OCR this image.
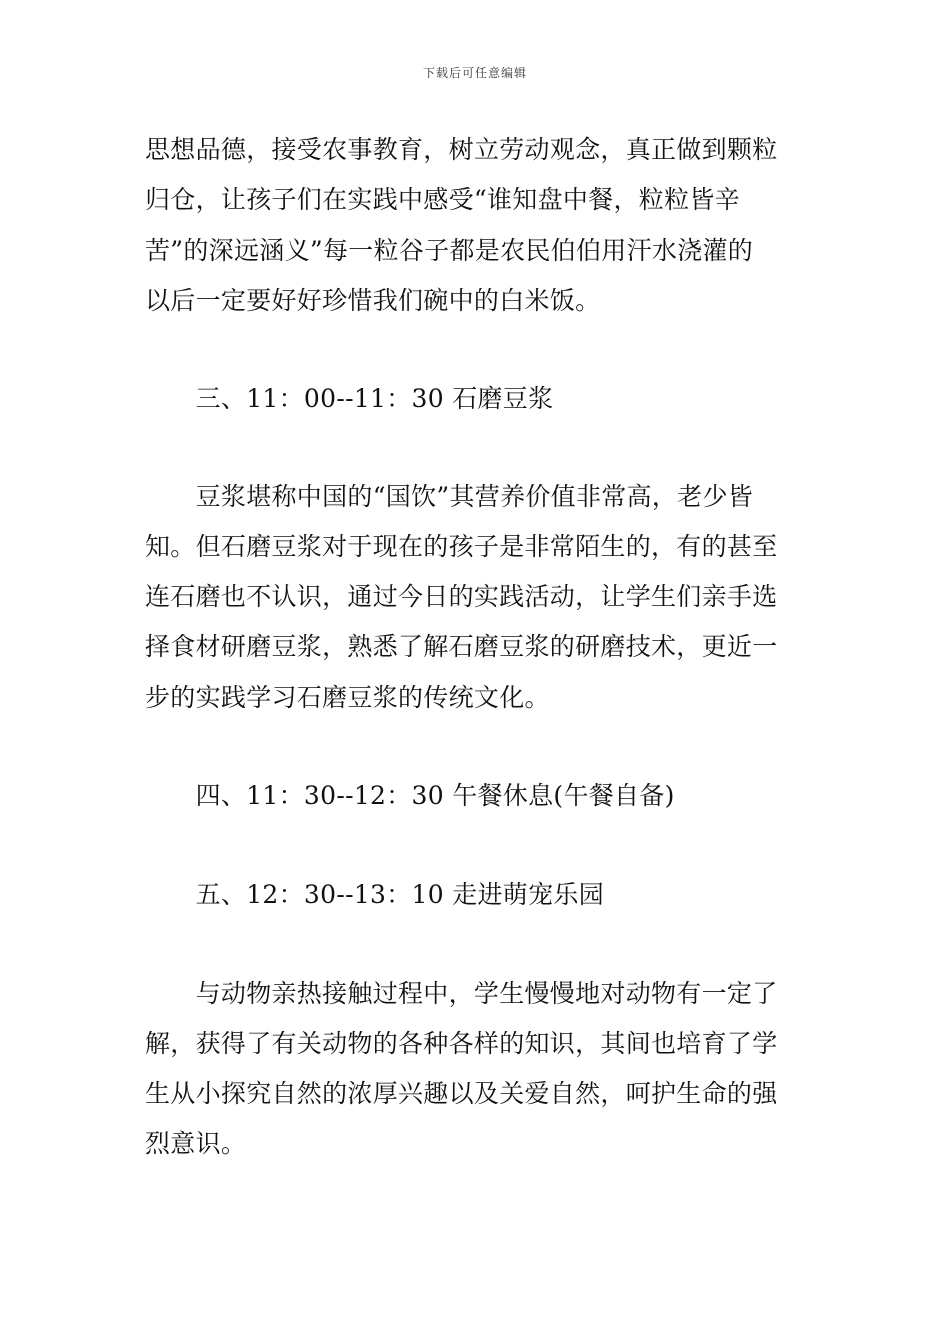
下载后可任意编辑
思想品德，接受农事教育，树立劳动观念，真正做到颗粒
归仓，让孩子们在实践中感受“谁知盘中餐，粒粒皆辛
苦”的深远涵义”每一粒谷子都是农民伯伯用汗水浇灌的
以后一定要好好珍惜我们碗中的白米饭。
　　三、11：00--11：30 石磨豆浆
　　豆浆堪称中国的“国饮”其营养价值非常高，老少皆
知。但石磨豆浆对于现在的孩子是非常陌生的，有的甚至
连石磨也不认识，通过今日的实践活动，让学生们亲手选
择食材研磨豆浆，熟悉了解石磨豆浆的研磨技术，更近一
步的实践学习石磨豆浆的传统文化。
　　四、11：30--12：30 午餐休息(午餐自备)
　　五、12：30--13：10 走进萌宠乐园
　　与动物亲热接触过程中，学生慢慢地对动物有一定了
解，获得了有关动物的各种各样的知识，其间也培育了学
生从小探究自然的浓厚兴趣以及关爱自然，呵护生命的强
烈意识。
